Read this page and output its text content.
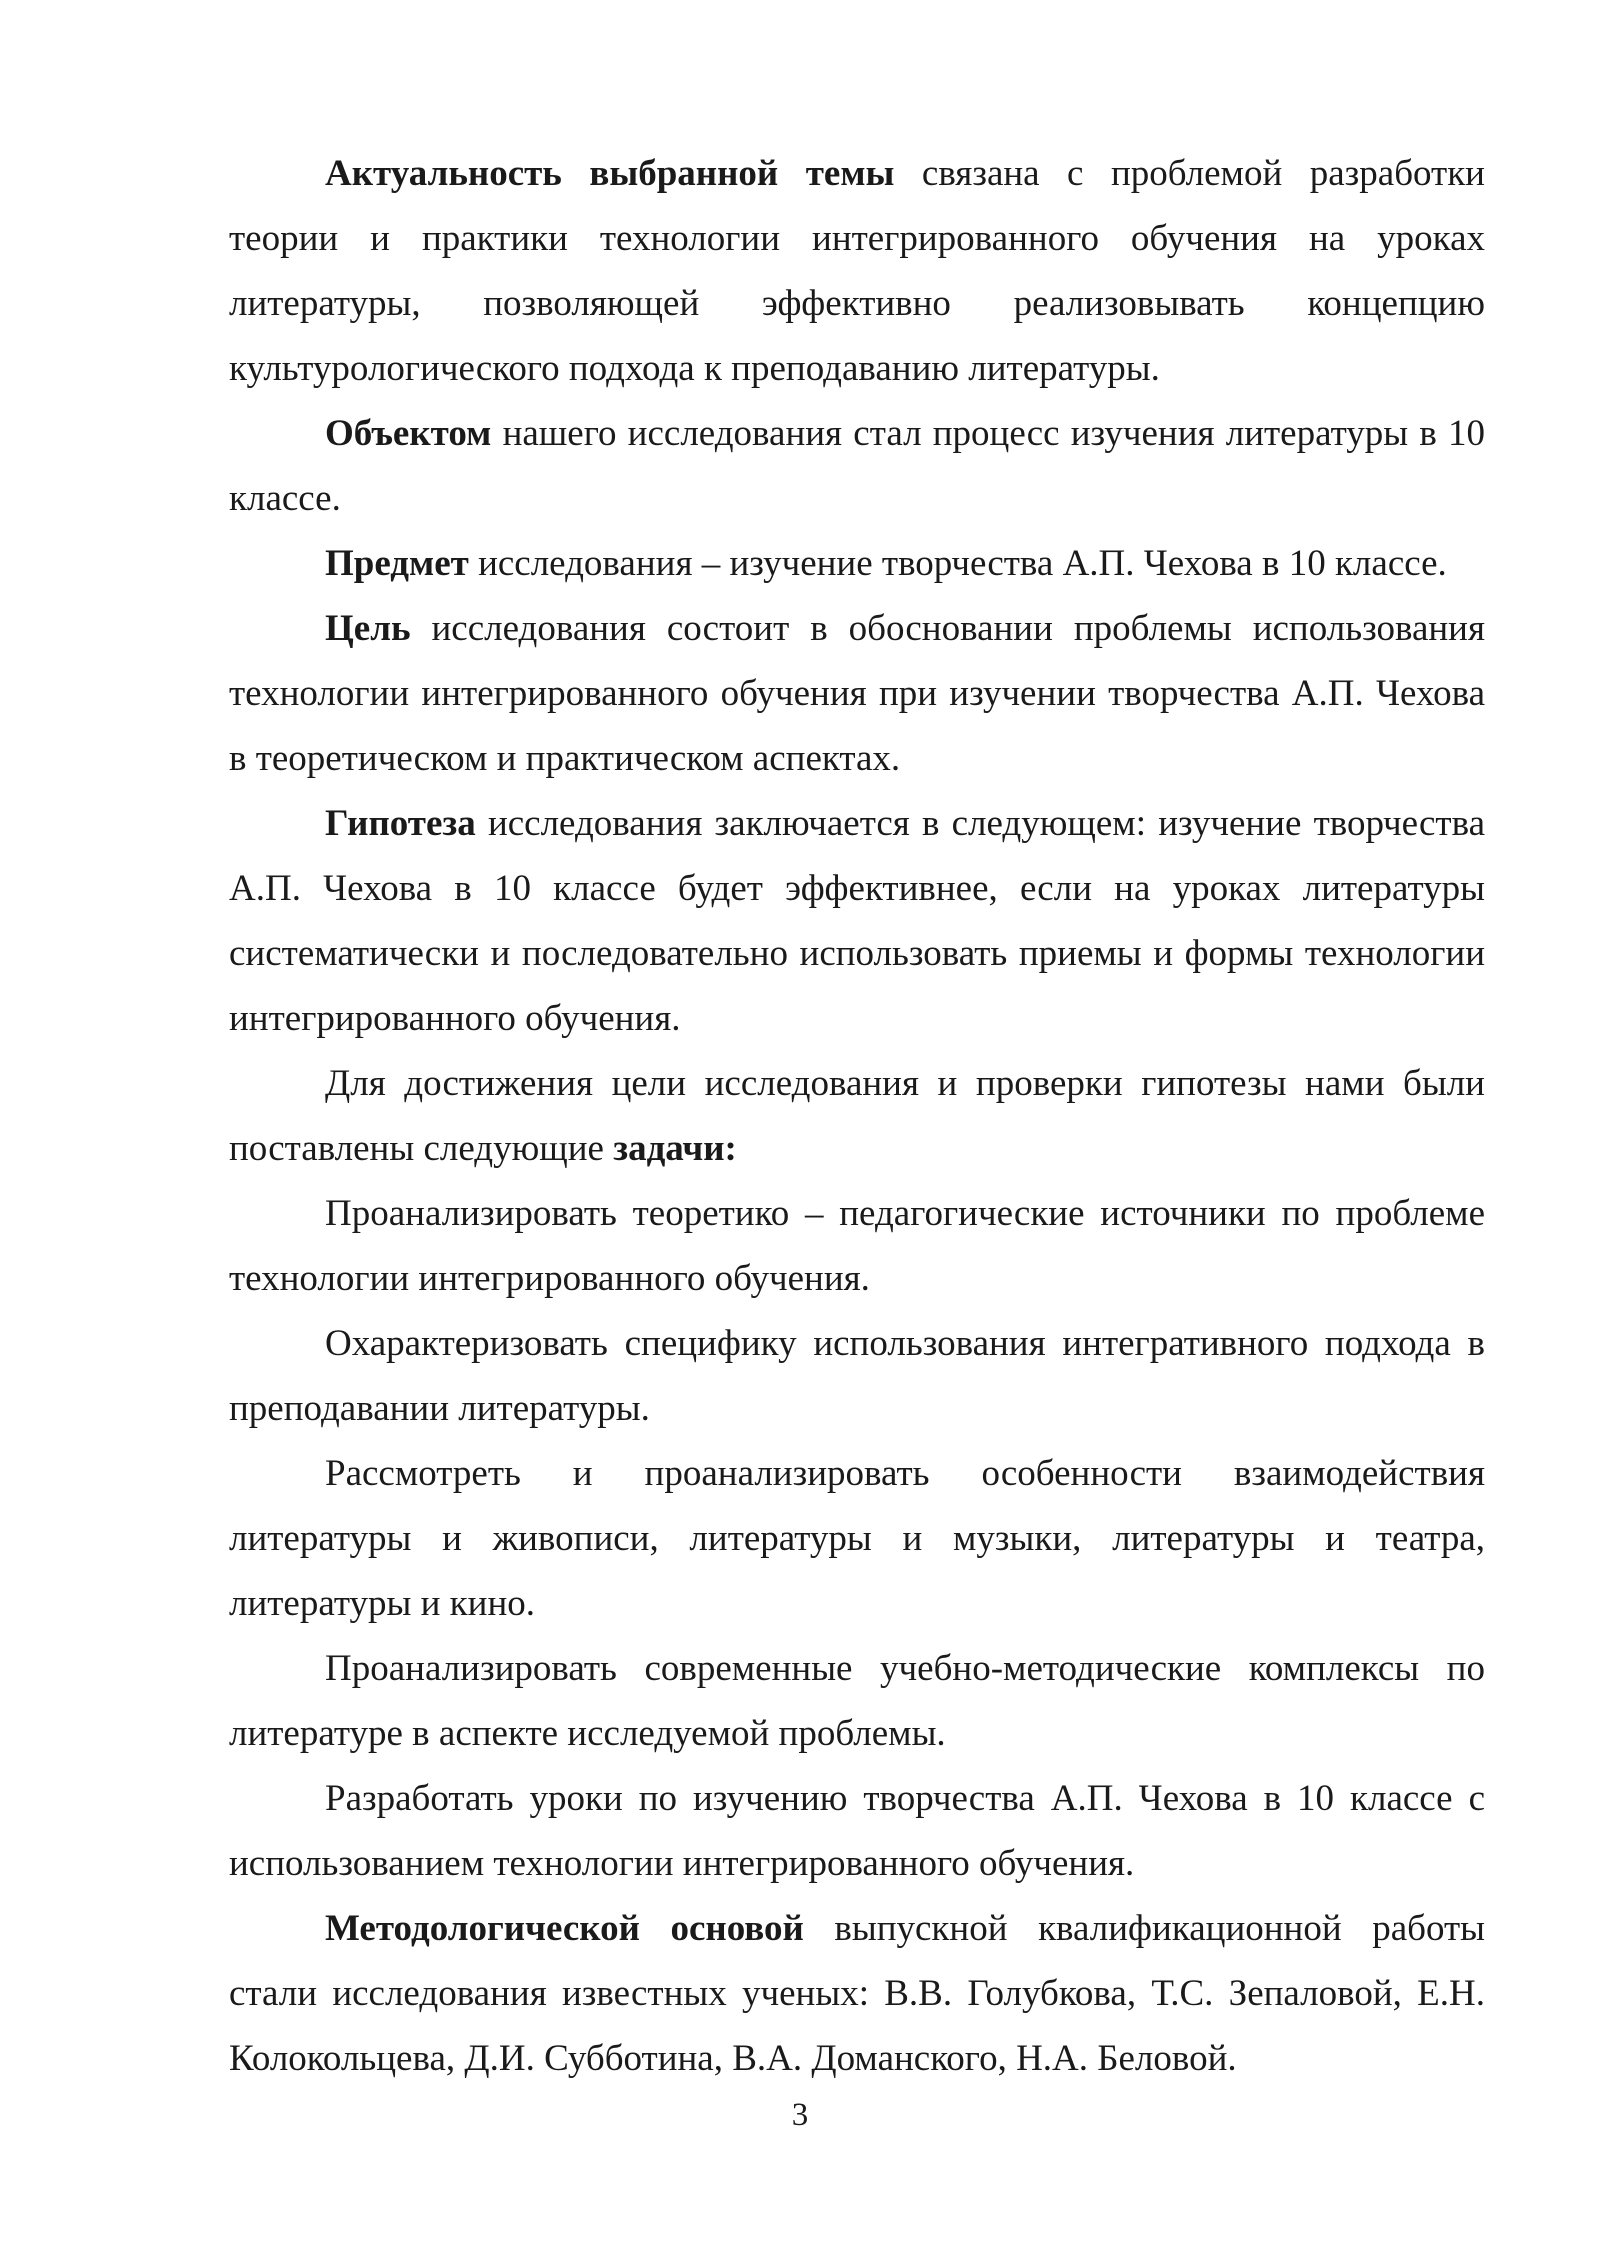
Актуальность выбранной темы связана с проблемой разработки теории и практики технологии интегрированного обучения на уроках литературы, позволяющей эффективно реализовывать концепцию культурологического подхода к преподаванию литературы.

Объектом нашего исследования стал процесс изучения литературы в 10 классе.

Предмет исследования – изучение творчества А.П. Чехова в 10 классе.

Цель исследования состоит в обосновании проблемы использования технологии интегрированного обучения при изучении творчества А.П. Чехова в теоретическом и практическом аспектах.

Гипотеза исследования заключается в следующем: изучение творчества А.П. Чехова в 10 классе будет эффективнее, если на уроках литературы систематически и последовательно использовать приемы и формы технологии интегрированного обучения.

Для достижения цели исследования и проверки гипотезы нами были поставлены следующие задачи:

Проанализировать теоретико – педагогические источники по проблеме технологии интегрированного обучения.

Охарактеризовать специфику использования интегративного подхода в преподавании литературы.

Рассмотреть и проанализировать особенности взаимодействия литературы и живописи, литературы и музыки, литературы и театра, литературы и кино.

Проанализировать современные учебно-методические комплексы по литературе в аспекте исследуемой проблемы.

Разработать уроки по изучению творчества А.П. Чехова в 10 классе с использованием технологии интегрированного обучения.

Методологической основой выпускной квалификационной работы стали исследования известных ученых: В.В. Голубкова, Т.С. Зепаловой, Е.Н. Колокольцева, Д.И. Субботина, В.А. Доманского, Н.А. Беловой.

3
